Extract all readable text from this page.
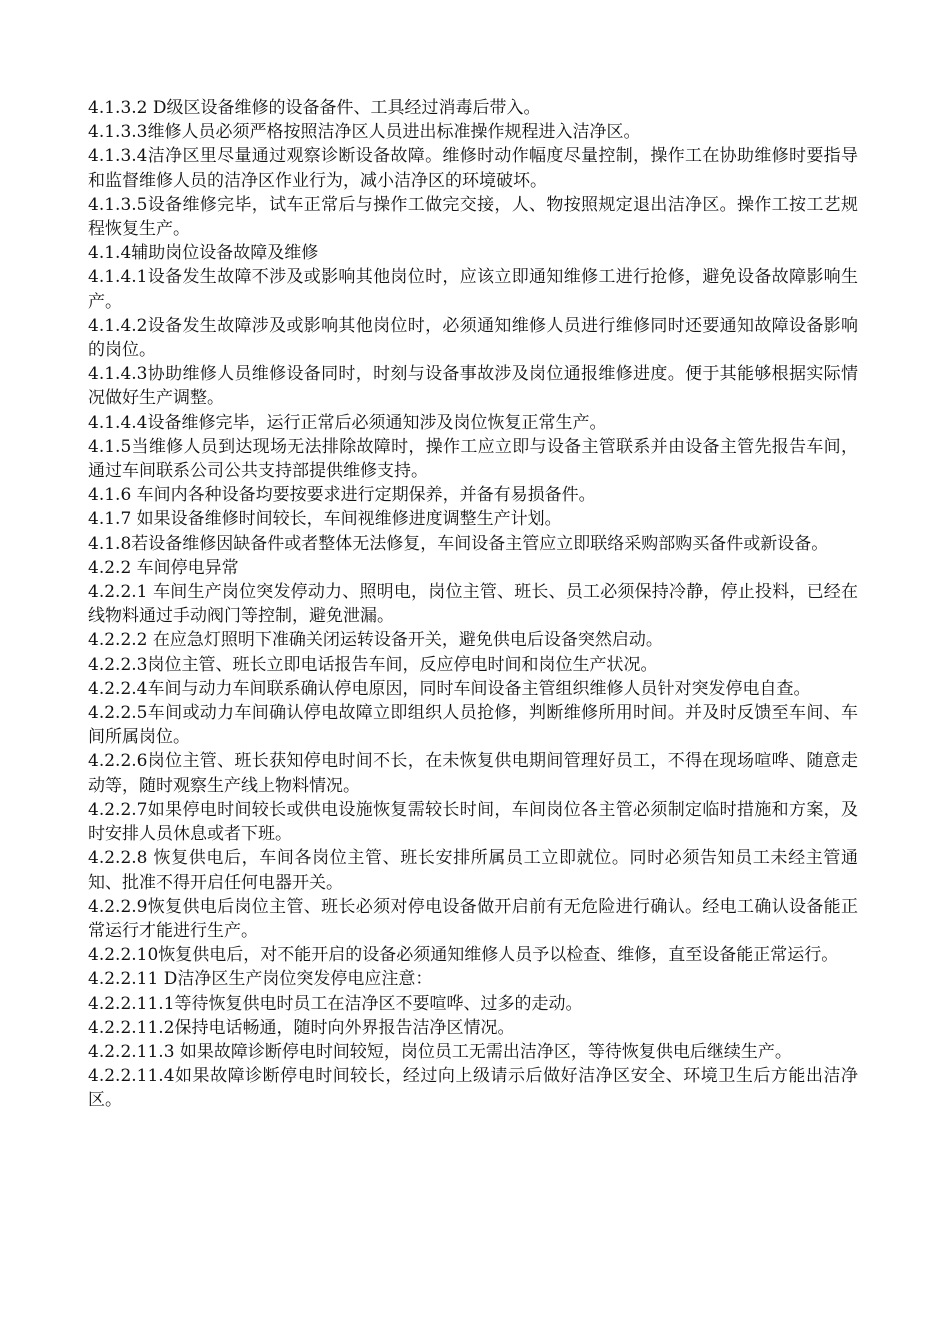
4.1.3.2 D级区设备维修的设备备件、工具经过消毒后带入。

4.1.3.3维修人员必须严格按照洁净区人员进出标准操作规程进入洁净区。

4.1.3.4洁净区里尽量通过观察诊断设备故障。维修时动作幅度尽量控制，操作工在协助维修时要指导和监督维修人员的洁净区作业行为，减小洁净区的环境破坏。

4.1.3.5设备维修完毕，试车正常后与操作工做完交接，人、物按照规定退出洁净区。操作工按工艺规程恢复生产。

4.1.4辅助岗位设备故障及维修

4.1.4.1设备发生故障不涉及或影响其他岗位时，应该立即通知维修工进行抢修，避免设备故障影响生产。

4.1.4.2设备发生故障涉及或影响其他岗位时，必须通知维修人员进行维修同时还要通知故障设备影响的岗位。

4.1.4.3协助维修人员维修设备同时，时刻与设备事故涉及岗位通报维修进度。便于其能够根据实际情况做好生产调整。

4.1.4.4设备维修完毕，运行正常后必须通知涉及岗位恢复正常生产。

4.1.5当维修人员到达现场无法排除故障时，操作工应立即与设备主管联系并由设备主管先报告车间，通过车间联系公司公共支持部提供维修支持。

4.1.6 车间内各种设备均要按要求进行定期保养，并备有易损备件。

4.1.7 如果设备维修时间较长，车间视维修进度调整生产计划。

4.1.8若设备维修因缺备件或者整体无法修复，车间设备主管应立即联络采购部购买备件或新设备。

4.2.2 车间停电异常

4.2.2.1 车间生产岗位突发停动力、照明电，岗位主管、班长、员工必须保持冷静，停止投料，已经在线物料通过手动阀门等控制，避免泄漏。

4.2.2.2 在应急灯照明下准确关闭运转设备开关，避免供电后设备突然启动。

4.2.2.3岗位主管、班长立即电话报告车间，反应停电时间和岗位生产状况。

4.2.2.4车间与动力车间联系确认停电原因，同时车间设备主管组织维修人员针对突发停电自查。

4.2.2.5车间或动力车间确认停电故障立即组织人员抢修，判断维修所用时间。并及时反馈至车间、车间所属岗位。

4.2.2.6岗位主管、班长获知停电时间不长，在未恢复供电期间管理好员工，不得在现场喧哗、随意走动等，随时观察生产线上物料情况。

4.2.2.7如果停电时间较长或供电设施恢复需较长时间，车间岗位各主管必须制定临时措施和方案，及时安排人员休息或者下班。

4.2.2.8 恢复供电后，车间各岗位主管、班长安排所属员工立即就位。同时必须告知员工未经主管通知、批准不得开启任何电器开关。

4.2.2.9恢复供电后岗位主管、班长必须对停电设备做开启前有无危险进行确认。经电工确认设备能正常运行才能进行生产。

4.2.2.10恢复供电后，对不能开启的设备必须通知维修人员予以检查、维修，直至设备能正常运行。

4.2.2.11 D洁净区生产岗位突发停电应注意：

4.2.2.11.1等待恢复供电时员工在洁净区不要喧哗、过多的走动。

4.2.2.11.2保持电话畅通，随时向外界报告洁净区情况。

4.2.2.11.3 如果故障诊断停电时间较短，岗位员工无需出洁净区，等待恢复供电后继续生产。

4.2.2.11.4如果故障诊断停电时间较长，经过向上级请示后做好洁净区安全、环境卫生后方能出洁净区。
